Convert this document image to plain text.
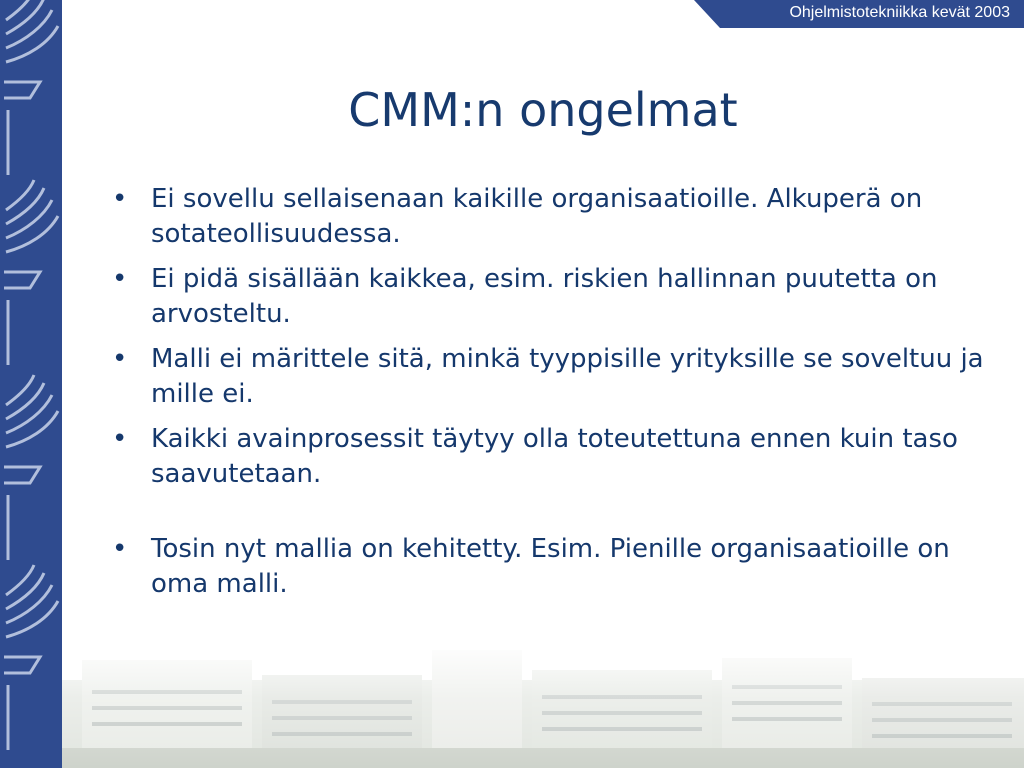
Ohjelmistotekniikka kevät 2003
CMM:n ongelmat
• Ei sovellu sellaisenaan kaikille organisaatioille. Alkuperä on sotateollisuudessa.
• Ei pidä sisällään kaikkea, esim. riskien hallinnan puutetta on arvosteltu.
• Malli ei märittele sitä, minkä tyyppisille yrityksille se soveltuu ja mille ei.
• Kaikki avainprosessit täytyy olla toteutettuna ennen kuin taso saavutetaan.
• Tosin nyt mallia on kehitetty. Esim. Pienille organisaatioille on oma malli.
